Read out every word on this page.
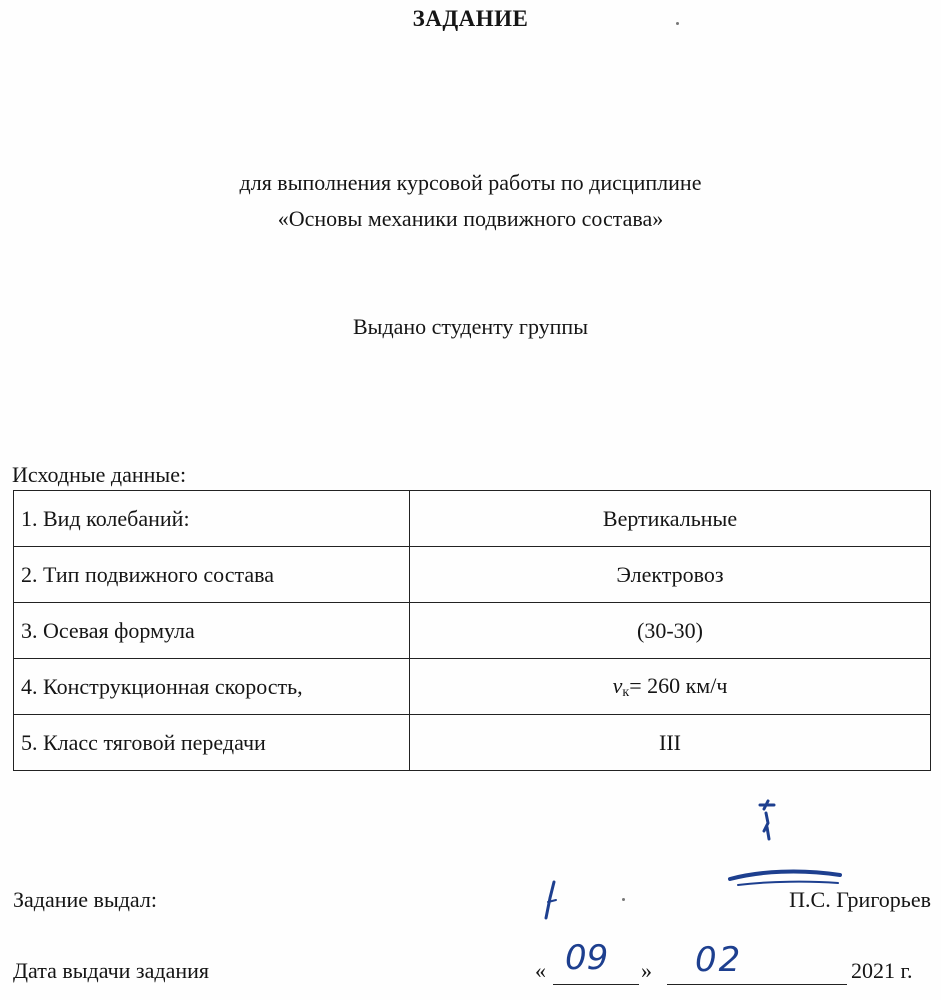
ЗАДАНИЕ
для выполнения курсовой работы по дисциплине
«Основы механики подвижного состава»
Выдано студенту группы
Исходные данные:
1. Вид колебаний:	Вертикальные
2. Тип подвижного состава	Электровоз
3. Осевая формула	(30-30)
4. Конструкционная скорость,	vк= 260 км/ч
5. Класс тяговой передачи	III
Задание выдал:	П.С. Григорьев
Дата выдачи задания	«	»	2021 г.
09	02
